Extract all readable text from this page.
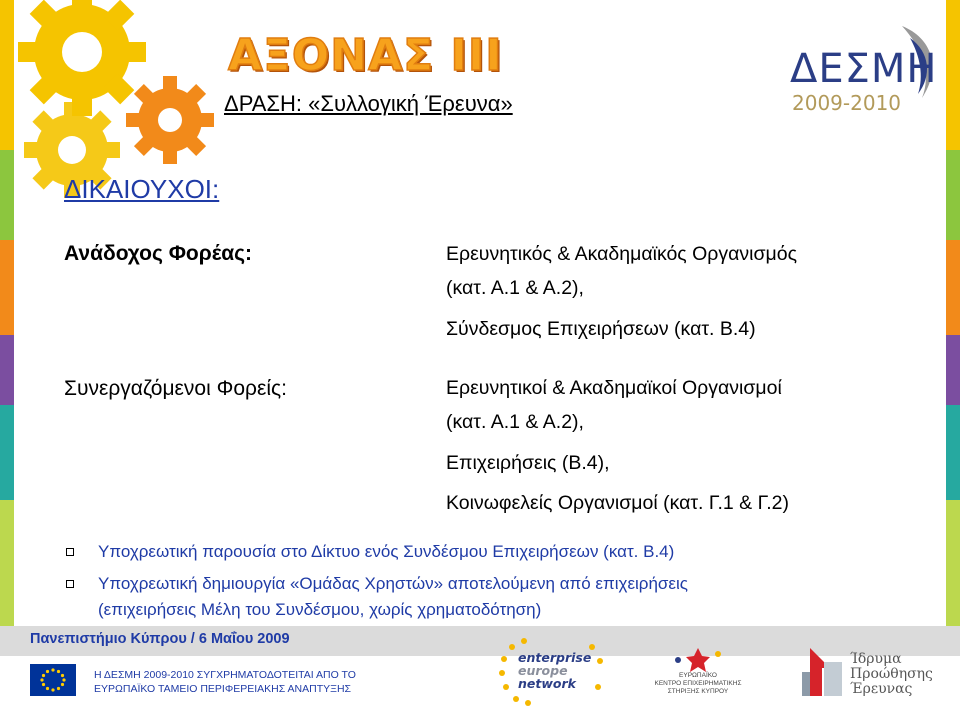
ΑΞΟΝΑΣ ΙΙΙ
ΔΡΑΣΗ: «Συλλογική Έρευνα»
ΔΕΣΜΗ
2009-2010
ΔΙΚΑΙΟΥΧΟΙ:
Ανάδοχος Φορέας:	Ερευνητικός & Ακαδημαϊκός Οργανισμός
(κατ. Α.1 & Α.2),
Σύνδεσμος Επιχειρήσεων (κατ. Β.4)
Συνεργαζόμενοι Φορείς:	Ερευνητικοί & Ακαδημαϊκοί Οργανισμοί
(κατ. Α.1 & Α.2),
Επιχειρήσεις (Β.4),
Κοινωφελείς Οργανισμοί (κατ. Γ.1 & Γ.2)
Υποχρεωτική παρουσία στο Δίκτυο ενός Συνδέσμου Επιχειρήσεων (κατ. Β.4)
Υποχρεωτική δημιουργία «Ομάδας Χρηστών» αποτελούμενη από επιχειρήσεις
(επιχειρήσεις Μέλη του Συνδέσμου, χωρίς χρηματοδότηση)
Πανεπιστήμιο Κύπρου / 6 Μαΐου 2009
Η ΔΕΣΜΗ 2009-2010 ΣΥΓΧΡΗΜΑΤΟΔΟΤΕΙΤΑΙ ΑΠΟ ΤΟ
ΕΥΡΩΠΑΪΚΟ ΤΑΜΕΙΟ ΠΕΡΙΦΕΡΕΙΑΚΗΣ ΑΝΑΠΤΥΞΗΣ
enterprise
europe
network
ΕΥΡΩΠΑΪΚΟ
ΚΕΝΤΡΟ ΕΠΙΧΕΙΡΗΜΑΤΙΚΗΣ
ΣΤΗΡΙΞΗΣ ΚΥΠΡΟΥ
Ίδρυμα
Προώθησης
Έρευνας
